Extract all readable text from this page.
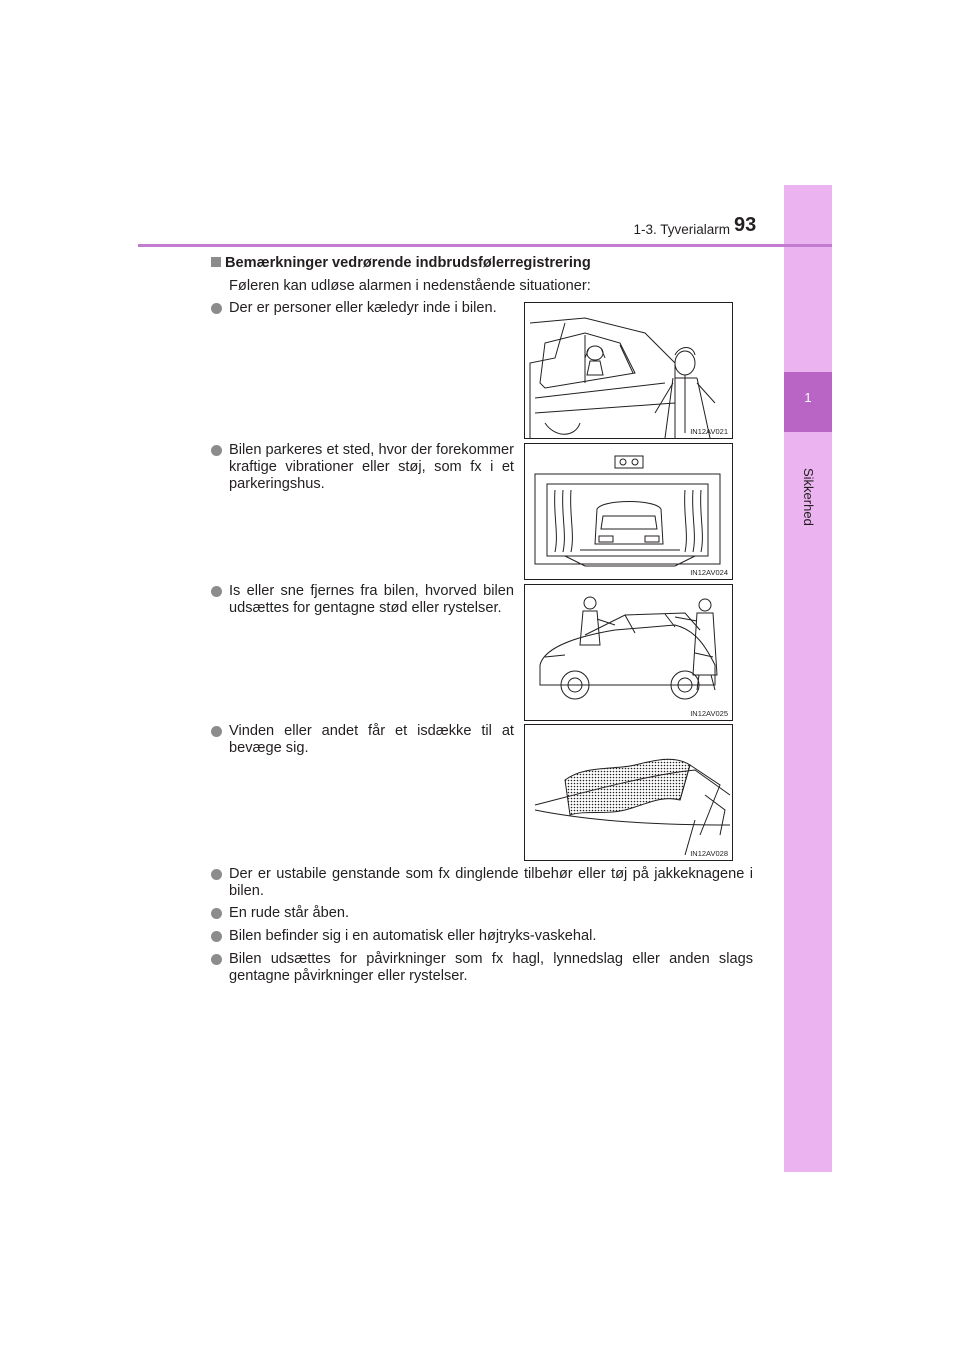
1
Sikkerhed
1-3. Tyverialarm 93
Bemærkninger vedrørende indbrudsfølerregistrering
Føleren kan udløse alarmen i nedenstående situationer:
Der er personer eller kæledyr inde i bilen.
Bilen parkeres et sted, hvor der forekommer kraftige vibrationer eller støj, som fx i et parkeringshus.
Is eller sne fjernes fra bilen, hvorved bilen udsættes for gentagne stød eller rystelser.
Vinden eller andet får et isdække til at bevæge sig.
IN12AV021
IN12AV024
IN12AV025
IN12AV028
Der er ustabile genstande som fx dinglende tilbehør eller tøj på jakkeknagene i bilen.
En rude står åben.
Bilen befinder sig i en automatisk eller højtryks-vaskehal.
Bilen udsættes for påvirkninger som fx hagl, lynnedslag eller anden slags gentagne påvirkninger eller rystelser.
